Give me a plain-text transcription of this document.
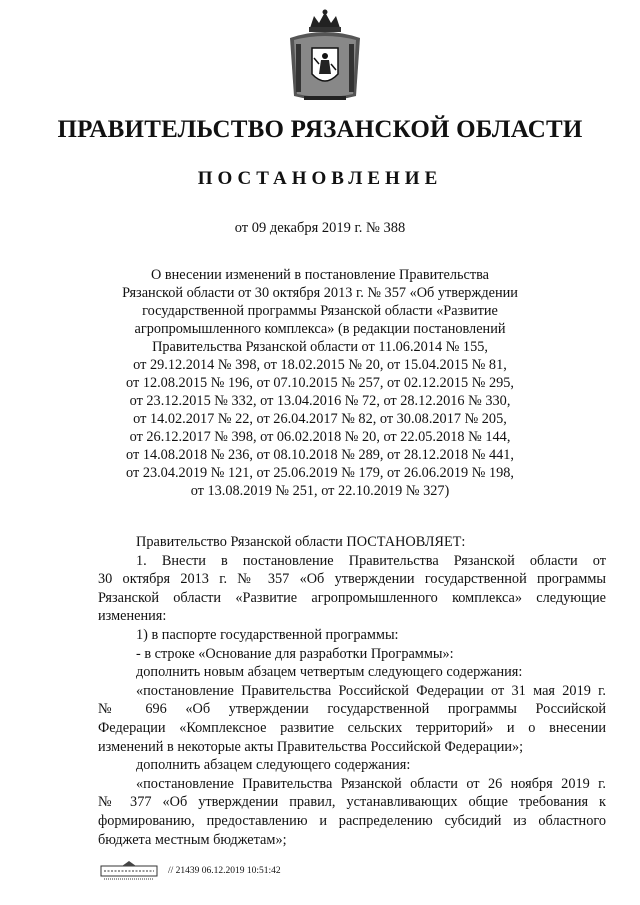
ПРАВИТЕЛЬСТВО РЯЗАНСКОЙ ОБЛАСТИ
ПОСТАНОВЛЕНИЕ
от 09 декабря 2019 г. № 388
О внесении изменений в постановление Правительства
Рязанской области от 30 октября 2013 г. № 357 «Об утверждении
государственной программы Рязанской области «Развитие
агропромышленного комплекса» (в редакции постановлений
Правительства Рязанской области от 11.06.2014 № 155,
от 29.12.2014 № 398, от 18.02.2015 № 20, от 15.04.2015 № 81,
от 12.08.2015 № 196, от 07.10.2015 № 257, от 02.12.2015 № 295,
от 23.12.2015 № 332, от 13.04.2016 № 72, от 28.12.2016 № 330,
от 14.02.2017 № 22, от 26.04.2017 № 82, от 30.08.2017 № 205,
от 26.12.2017 № 398, от 06.02.2018 № 20, от 22.05.2018 № 144,
от 14.08.2018 № 236, от 08.10.2018 № 289, от 28.12.2018 № 441,
от 23.04.2019 № 121, от 25.06.2019 № 179, от 26.06.2019 № 198,
от 13.08.2019 № 251, от 22.10.2019 № 327)
Правительство Рязанской области ПОСТАНОВЛЯЕТ:
1. Внести в постановление Правительства Рязанской области от
30 октября 2013 г. № 357 «Об утверждении государственной программы
Рязанской области «Развитие агропромышленного комплекса» следующие
изменения:
1) в паспорте государственной программы:
- в строке «Основание для разработки Программы»:
дополнить новым абзацем четвертым следующего содержания:
«постановление Правительства Российской Федерации от 31 мая 2019 г.
№ 696 «Об утверждении государственной программы Российской
Федерации «Комплексное развитие сельских территорий» и о внесении
изменений в некоторые акты Правительства Российской Федерации»;
дополнить абзацем следующего содержания:
«постановление Правительства Рязанской области от 26 ноября 2019 г.
№ 377 «Об утверждении правил, устанавливающих общие требования к
формированию, предоставлению и распределению субсидий из областного
бюджета местным бюджетам»;
// 21439 06.12.2019 10:51:42
